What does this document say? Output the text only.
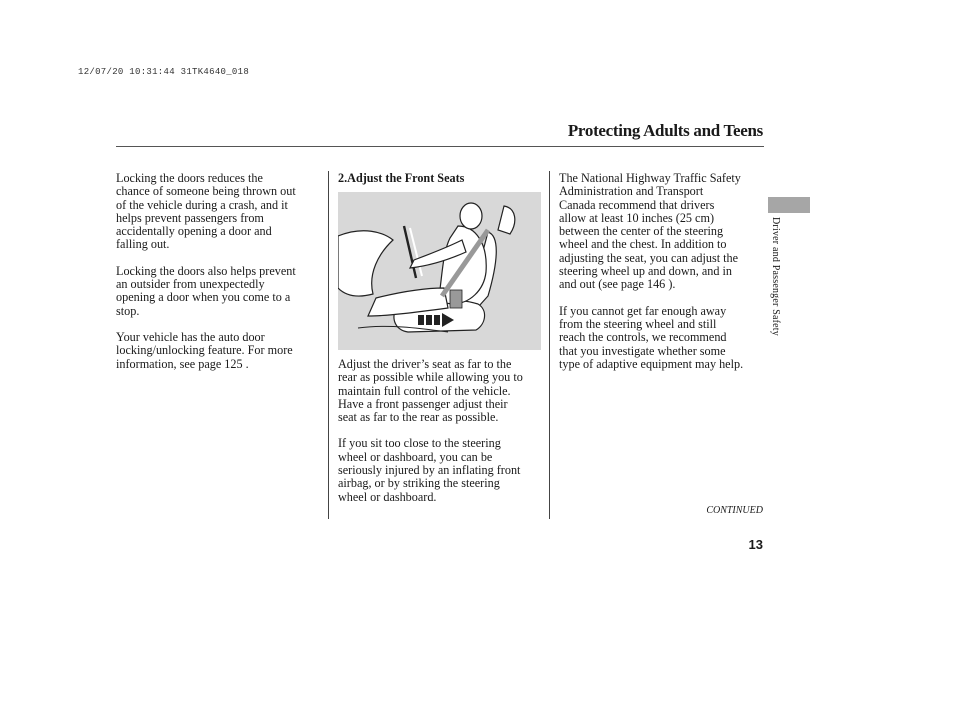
12/07/20 10:31:44 31TK4640_018
Protecting Adults and Teens

Locking the doors reduces the
chance of someone being thrown out
of the vehicle during a crash, and it
helps prevent passengers from
accidentally opening a door and
falling out.

Locking the doors also helps prevent
an outsider from unexpectedly
opening a door when you come to a
stop.

Your vehicle has the auto door
locking/unlocking feature. For more
information, see page 125 .

2.Adjust the Front Seats

Adjust the driver’s seat as far to the
rear as possible while allowing you to
maintain full control of the vehicle.
Have a front passenger adjust their
seat as far to the rear as possible.

If you sit too close to the steering
wheel or dashboard, you can be
seriously injured by an inflating front
airbag, or by striking the steering
wheel or dashboard.

The National Highway Traffic Safety
Administration and Transport
Canada recommend that drivers
allow at least 10 inches (25 cm)
between the center of the steering
wheel and the chest. In addition to
adjusting the seat, you can adjust the
steering wheel up and down, and in
and out (see page 146 ).

If you cannot get far enough away
from the steering wheel and still
reach the controls, we recommend
that you investigate whether some
type of adaptive equipment may help.

CONTINUED
13
Driver and Passenger Safety
